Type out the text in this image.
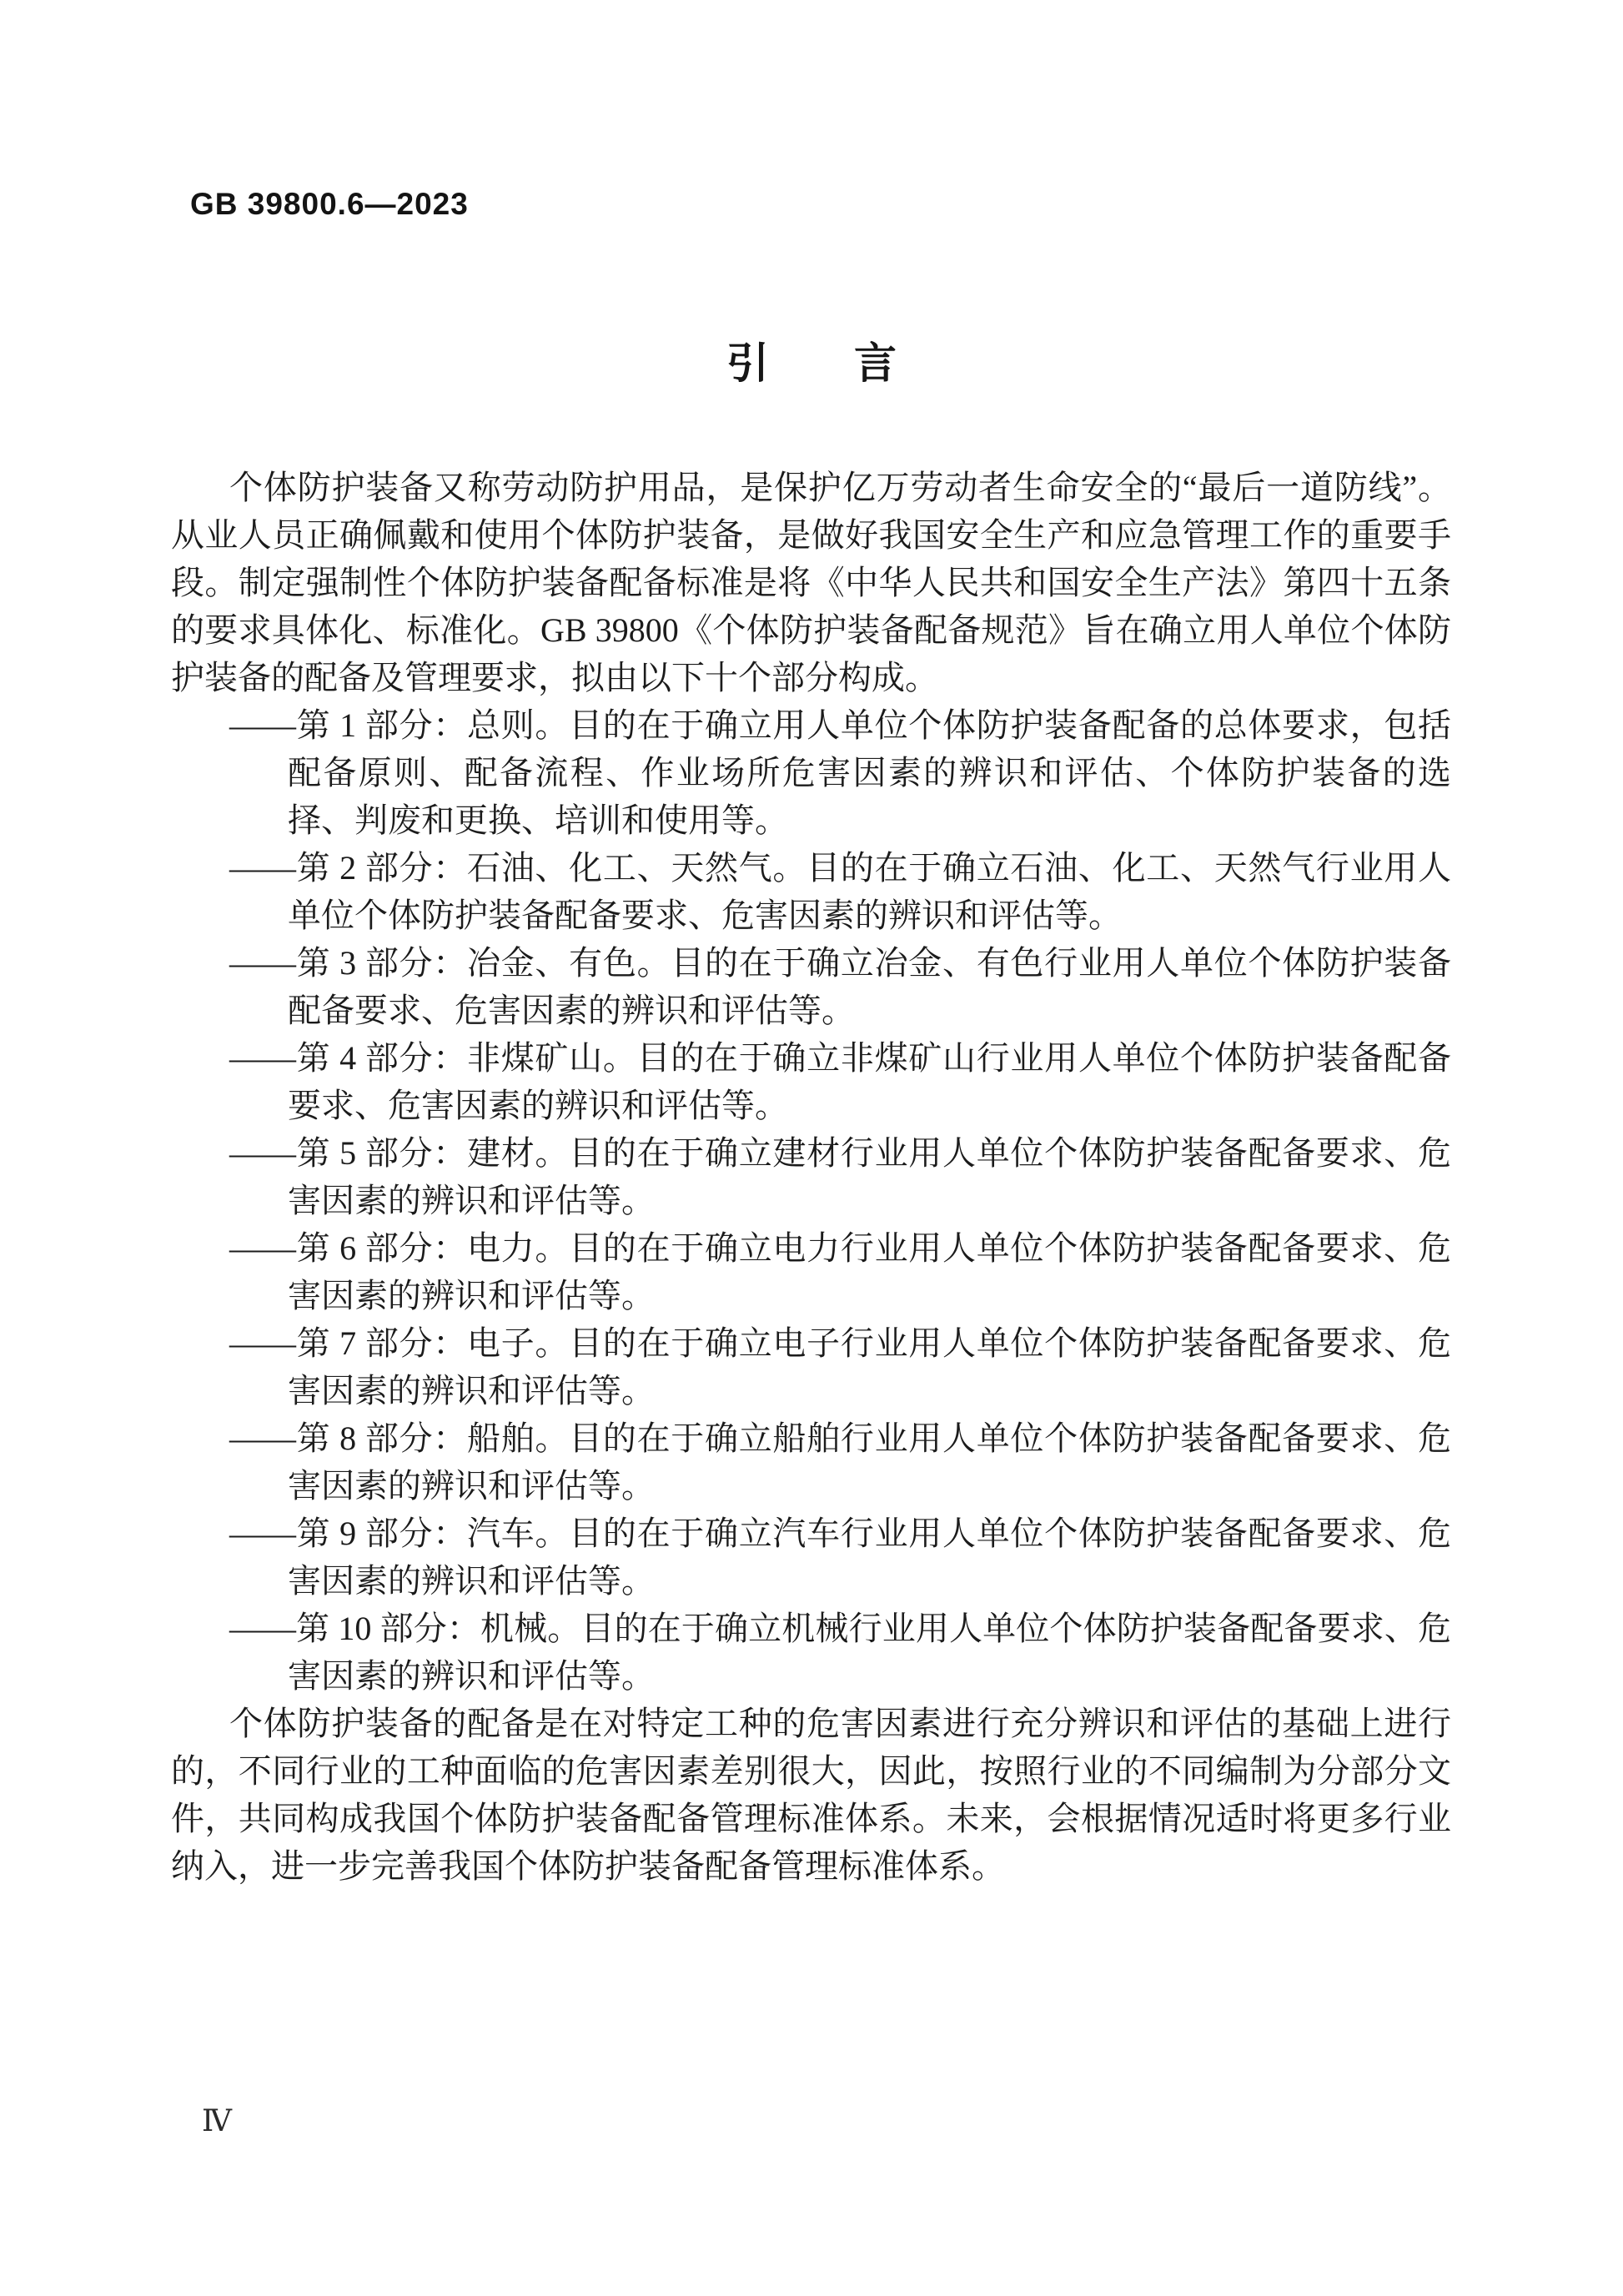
GB 39800.6—2023
引　　言

个体防护装备又称劳动防护用品，是保护亿万劳动者生命安全的“最后一道防线”。从业人员正确佩戴和使用个体防护装备，是做好我国安全生产和应急管理工作的重要手段。制定强制性个体防护装备配备标准是将《中华人民共和国安全生产法》第四十五条的要求具体化、标准化。GB 39800《个体防护装备配备规范》旨在确立用人单位个体防护装备的配备及管理要求，拟由以下十个部分构成。

——第 1 部分：总则。目的在于确立用人单位个体防护装备配备的总体要求，包括配备原则、配备流程、作业场所危害因素的辨识和评估、个体防护装备的选择、判废和更换、培训和使用等。
——第 2 部分：石油、化工、天然气。目的在于确立石油、化工、天然气行业用人单位个体防护装备配备要求、危害因素的辨识和评估等。
——第 3 部分：冶金、有色。目的在于确立冶金、有色行业用人单位个体防护装备配备要求、危害因素的辨识和评估等。
——第 4 部分：非煤矿山。目的在于确立非煤矿山行业用人单位个体防护装备配备要求、危害因素的辨识和评估等。
——第 5 部分：建材。目的在于确立建材行业用人单位个体防护装备配备要求、危害因素的辨识和评估等。
——第 6 部分：电力。目的在于确立电力行业用人单位个体防护装备配备要求、危害因素的辨识和评估等。
——第 7 部分：电子。目的在于确立电子行业用人单位个体防护装备配备要求、危害因素的辨识和评估等。
——第 8 部分：船舶。目的在于确立船舶行业用人单位个体防护装备配备要求、危害因素的辨识和评估等。
——第 9 部分：汽车。目的在于确立汽车行业用人单位个体防护装备配备要求、危害因素的辨识和评估等。
——第 10 部分：机械。目的在于确立机械行业用人单位个体防护装备配备要求、危害因素的辨识和评估等。

个体防护装备的配备是在对特定工种的危害因素进行充分辨识和评估的基础上进行的，不同行业的工种面临的危害因素差别很大，因此，按照行业的不同编制为分部分文件，共同构成我国个体防护装备配备管理标准体系。未来，会根据情况适时将更多行业纳入，进一步完善我国个体防护装备配备管理标准体系。

Ⅳ
